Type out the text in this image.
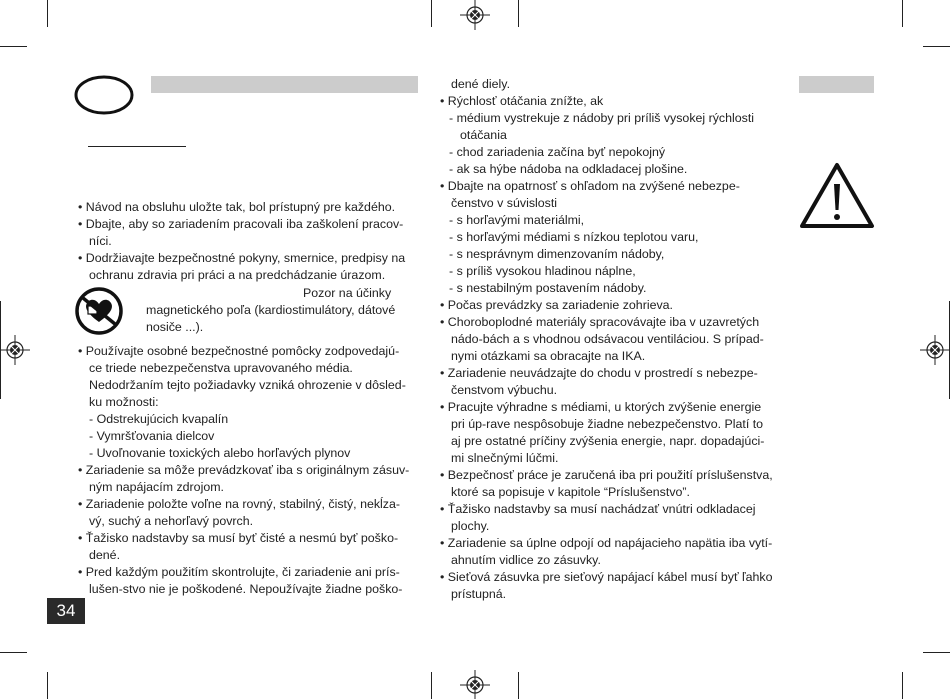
• Návod na obsluhu uložte tak, bol prístupný pre každého.
• Dbajte, aby so zariadením pracovali iba zaškolení pracov-
níci.
• Dodržiavajte bezpečnostné pokyny, smernice, predpisy na
ochranu zdravia pri práci a na predchádzanie úrazom.
Pozor na účinky
magnetického poľa (kardiostimulátory, dátové
nosiče ...).
• Používajte osobné bezpečnostné pomôcky zodpovedajú-
ce triede nebezpečenstva upravovaného média.
Nedodržaním tejto požiadavky vzniká ohrozenie v dôsled-
ku možnosti:
- Odstrekujúcich kvapalín
- Vymršťovania dielcov
- Uvoľnovanie toxických alebo horľavých plynov
• Zariadenie sa môže prevádzkovať iba s originálnym zásuv-
ným napájacím zdrojom.
• Zariadenie položte voľne na rovný, stabilný, čistý, nekĺza-
vý, suchý a nehorľavý povrch.
• Ťažisko nadstavby sa musí byť čisté a nesmú byť poško-
dené.
• Pred každým použitím skontrolujte, či zariadenie ani prís-
lušen-stvo nie je poškodené. Nepoužívajte žiadne poško-
dené diely.
• Rýchlosť otáčania znížte, ak
- médium vystrekuje z nádoby pri príliš vysokej rýchlosti
otáčania
- chod zariadenia začína byť nepokojný
- ak sa hýbe nádoba na odkladacej plošine.
• Dbajte na opatrnosť s ohľadom na zvýšené nebezpe-
čenstvo v súvislosti
- s horľavými materiálmi,
- s horľavými médiami s nízkou teplotou varu,
- s nesprávnym dimenzovaním nádoby,
- s príliš vysokou hladinou náplne,
- s nestabilným postavením nádoby.
• Počas prevádzky sa zariadenie zohrieva.
• Choroboplodné materiály spracovávajte iba v uzavretých
nádo-bách a s vhodnou odsávacou ventiláciou. S prípad-
nymi otázkami sa obracajte na IKA.
• Zariadenie neuvádzajte do chodu v prostredí s nebezpe-
čenstvom výbuchu.
• Pracujte výhradne s médiami, u ktorých zvýšenie energie
pri úp-rave nespôsobuje žiadne nebezpečenstvo. Platí to
aj pre ostatné príčiny zvýšenia energie, napr. dopadajúci-
mi slnečnými lúčmi.
• Bezpečnosť práce je zaručená iba pri použití príslušenstva,
ktoré sa popisuje v kapitole “Príslušenstvo”.
• Ťažisko nadstavby sa musí nachádzať vnútri odkladacej
plochy.
• Zariadenie sa úplne odpojí od napájacieho napätia iba vytí-
ahnutím vidlice zo zásuvky.
• Sieťová zásuvka pre sieťový napájací kábel musí byť ľahko
prístupná.
34
